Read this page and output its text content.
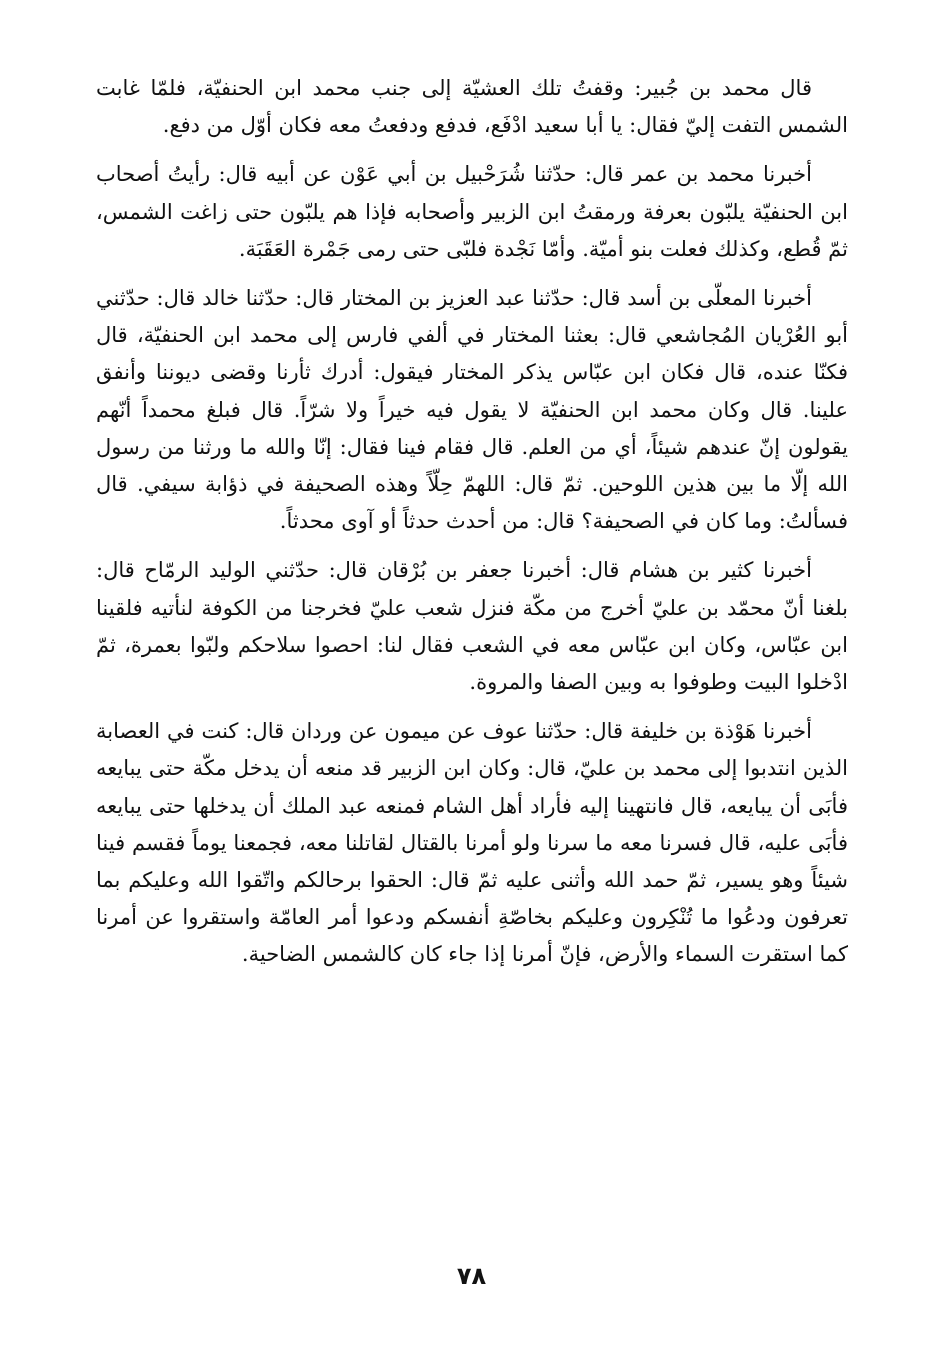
قال محمد بن جُبير: وقفتُ تلك العشيّة إلى جنب محمد ابن الحنفيّة، فلمّا غابت الشمس التفت إليّ فقال: يا أبا سعيد ادْفَع، فدفع ودفعتُ معه فكان أوّل من دفع.

أخبرنا محمد بن عمر قال: حدّثنا شُرَحْبيل بن أبي عَوْن عن أبيه قال: رأيتُ أصحاب ابن الحنفيّة يلبّون بعرفة ورمقتُ ابن الزبير وأصحابه فإذا هم يلبّون حتى زاغت الشمس، ثمّ قُطع، وكذلك فعلت بنو أميّة. وأمّا نَجْدة فلبّى حتى رمى جَمْرة العَقَبَة.

أخبرنا المعلّى بن أسد قال: حدّثنا عبد العزيز بن المختار قال: حدّثنا خالد قال: حدّثني أبو العُرْيان المُجاشعي قال: بعثنا المختار في ألفي فارس إلى محمد ابن الحنفيّة، قال فكنّا عنده، قال فكان ابن عبّاس يذكر المختار فيقول: أدرك ثأرنا وقضى ديوننا وأنفق علينا. قال وكان محمد ابن الحنفيّة لا يقول فيه خيراً ولا شرّاً. قال فبلغ محمداً أنّهم يقولون إنّ عندهم شيئاً، أي من العلم. قال فقام فينا فقال: إنّا والله ما ورثنا من رسول الله إلّا ما بين هذين اللوحين. ثمّ قال: اللهمّ حِلّاً وهذه الصحيفة في ذؤابة سيفي. قال فسألتُ: وما كان في الصحيفة؟ قال: من أحدث حدثاً أو آوى محدثاً.

أخبرنا كثير بن هشام قال: أخبرنا جعفر بن بُرْقان قال: حدّثني الوليد الرمّاح قال: بلغنا أنّ محمّد بن عليّ أخرج من مكّة فنزل شعب عليّ فخرجنا من الكوفة لنأتيه فلقينا ابن عبّاس، وكان ابن عبّاس معه في الشعب فقال لنا: احصوا سلاحكم ولبّوا بعمرة، ثمّ ادْخلوا البيت وطوفوا به وبين الصفا والمروة.

أخبرنا هَوْذة بن خليفة قال: حدّثنا عوف عن ميمون عن وردان قال: كنت في العصابة الذين انتدبوا إلى محمد بن عليّ، قال: وكان ابن الزبير قد منعه أن يدخل مكّة حتى يبايعه فأبَى أن يبايعه، قال فانتهينا إليه فأراد أهل الشام فمنعه عبد الملك أن يدخلها حتى يبايعه فأبَى عليه، قال فسرنا معه ما سرنا ولو أمرنا بالقتال لقاتلنا معه، فجمعنا يوماً فقسم فينا شيئاً وهو يسير، ثمّ حمد الله وأثنى عليه ثمّ قال: الحقوا برحالكم واتّقوا الله وعليكم بما تعرفون ودعُوا ما تُنْكِرون وعليكم بخاصّةِ أنفسكم ودعوا أمر العامّة واستقروا عن أمرنا كما استقرت السماء والأرض، فإنّ أمرنا إذا جاء كان كالشمس الضاحية.

٧٨
